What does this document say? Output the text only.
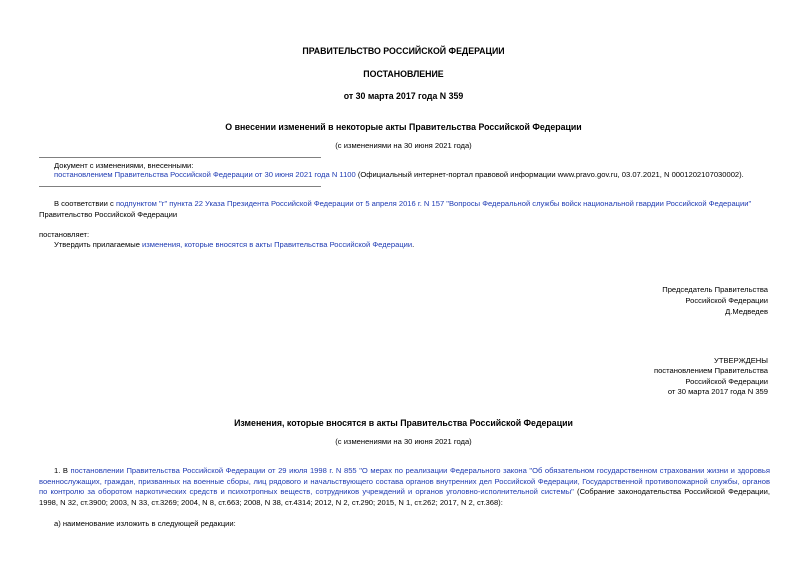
ПРАВИТЕЛЬСТВО РОССИЙСКОЙ ФЕДЕРАЦИИ
ПОСТАНОВЛЕНИЕ
от 30 марта 2017 года N 359
О внесении изменений в некоторые акты Правительства Российской Федерации
(с изменениями на 30 июня 2021 года)
Документ с изменениями, внесенными:
постановлением Правительства Российской Федерации от 30 июня 2021 года N 1100 (Официальный интернет-портал правовой информации www.pravo.gov.ru, 03.07.2021, N 0001202107030002).
В соответствии с подпунктом "г" пункта 22 Указа Президента Российской Федерации от 5 апреля 2016 г. N 157 "Вопросы Федеральной службы войск национальной гвардии Российской Федерации" Правительство Российской Федерации
постановляет:
Утвердить прилагаемые изменения, которые вносятся в акты Правительства Российской Федерации.
Председатель Правительства
Российской Федерации
Д.Медведев
УТВЕРЖДЕНЫ
постановлением Правительства
Российской Федерации
от 30 марта 2017 года N 359
Изменения, которые вносятся в акты Правительства Российской Федерации
(с изменениями на 30 июня 2021 года)
1. В постановлении Правительства Российской Федерации от 29 июля 1998 г. N 855 "О мерах по реализации Федерального закона "Об обязательном государственном страховании жизни и здоровья военнослужащих, граждан, призванных на военные сборы, лиц рядового и начальствующего состава органов внутренних дел Российской Федерации, Государственной противопожарной службы, органов по контролю за оборотом наркотических средств и психотропных веществ, сотрудников учреждений и органов уголовно-исполнительной системы" (Собрание законодательства Российской Федерации, 1998, N 32, ст.3900; 2003, N 33, ст.3269; 2004, N 8, ст.663; 2008, N 38, ст.4314; 2012, N 2, ст.290; 2015, N 1, ст.262; 2017, N 2, ст.368):
а) наименование изложить в следующей редакции:
